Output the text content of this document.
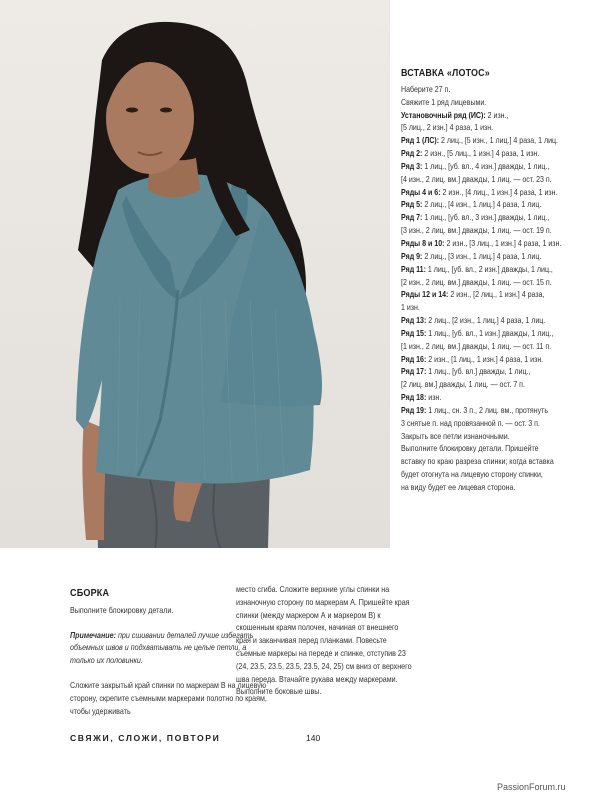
ВСТАВКА «ЛОТОС»
Наберите 27 п.
Свяжите 1 ряд лицевыми.
Установочный ряд (ИС): 2 изн.,
[5 лиц., 2 изн.] 4 раза, 1 изн.
Ряд 1 (ЛС): 2 лиц., [5 изн., 1 лиц.] 4 раза, 1 лиц.
Ряд 2: 2 изн., [5 лиц., 1 изн.] 4 раза, 1 изн.
Ряд 3: 1 лиц., [уб. вл., 4 изн.] дважды, 1 лиц.,
[4 изн., 2 лиц. вм.] дважды, 1 лиц. — ост. 23 п.
Ряды 4 и 6: 2 изн., [4 лиц., 1 изн.] 4 раза, 1 изн.
Ряд 5: 2 лиц., [4 изн., 1 лиц.] 4 раза, 1 лиц.
Ряд 7: 1 лиц., [уб. вл., 3 изн.] дважды, 1 лиц.,
[3 изн., 2 лиц. вм.] дважды, 1 лиц. — ост. 19 п.
Ряды 8 и 10: 2 изн., [3 лиц., 1 изн.] 4 раза, 1 изн.
Ряд 9: 2 лиц., [3 изн., 1 лиц.] 4 раза, 1 лиц.
Ряд 11: 1 лиц., [уб. вл., 2 изн.] дважды, 1 лиц.,
[2 изн., 2 лиц. вм.] дважды, 1 лиц. — ост. 15 п.
Ряды 12 и 14: 2 изн., [2 лиц., 1 изн.] 4 раза,
1 изн.
Ряд 13: 2 лиц., [2 изн., 1 лиц.] 4 раза, 1 лиц.
Ряд 15: 1 лиц., [уб. вл., 1 изн.] дважды, 1 лиц.,
[1 изн., 2 лиц. вм.] дважды, 1 лиц. — ост. 11 п.
Ряд 16: 2 изн., [1 лиц., 1 изн.] 4 раза, 1 изн.
Ряд 17: 1 лиц., [уб. вл.] дважды, 1 лиц.,
[2 лиц. вм.] дважды, 1 лиц. — ост. 7 п.
Ряд 18: изн.
Ряд 19: 1 лиц., сн. 3 п., 2 лиц. вм., протянуть
3 снятые п. над провязанной п. — ост. 3 п.
Закрыть все петли изнаночными.
Выполните блокировку детали. Пришейте
вставку по краю разреза спинки; когда вставка
будет отогнута на лицевую сторону спинки,
на виду будет ее лицевая сторона.
СБОРКА

Выполните блокировку детали.

Примечание: при сшивании деталей лучше избегать объемных швов и подхватывать не целые петли, а только их половинки.

Сложите закрытый край спинки по маркерам В на лицевую сторону, скрепите съемными маркерами полотно по краям, чтобы удерживать

место сгиба. Сложите верхние углы спинки на изнаночную сторону по маркерам А. Пришейте края спинки (между маркером А и маркером В) к скошенным краям полочек, начиная от внешнего края и заканчивая перед планками. Повесьте съемные маркеры на переде и спинке, отступив 23 (24, 23.5, 23.5, 23.5, 23.5, 24, 25) см вниз от верхнего шва переда. Втачайте рукава между маркерами. Выполните боковые швы.
СВЯЖИ, СЛОЖИ, ПОВТОРИ	140
PassionForum.ru
